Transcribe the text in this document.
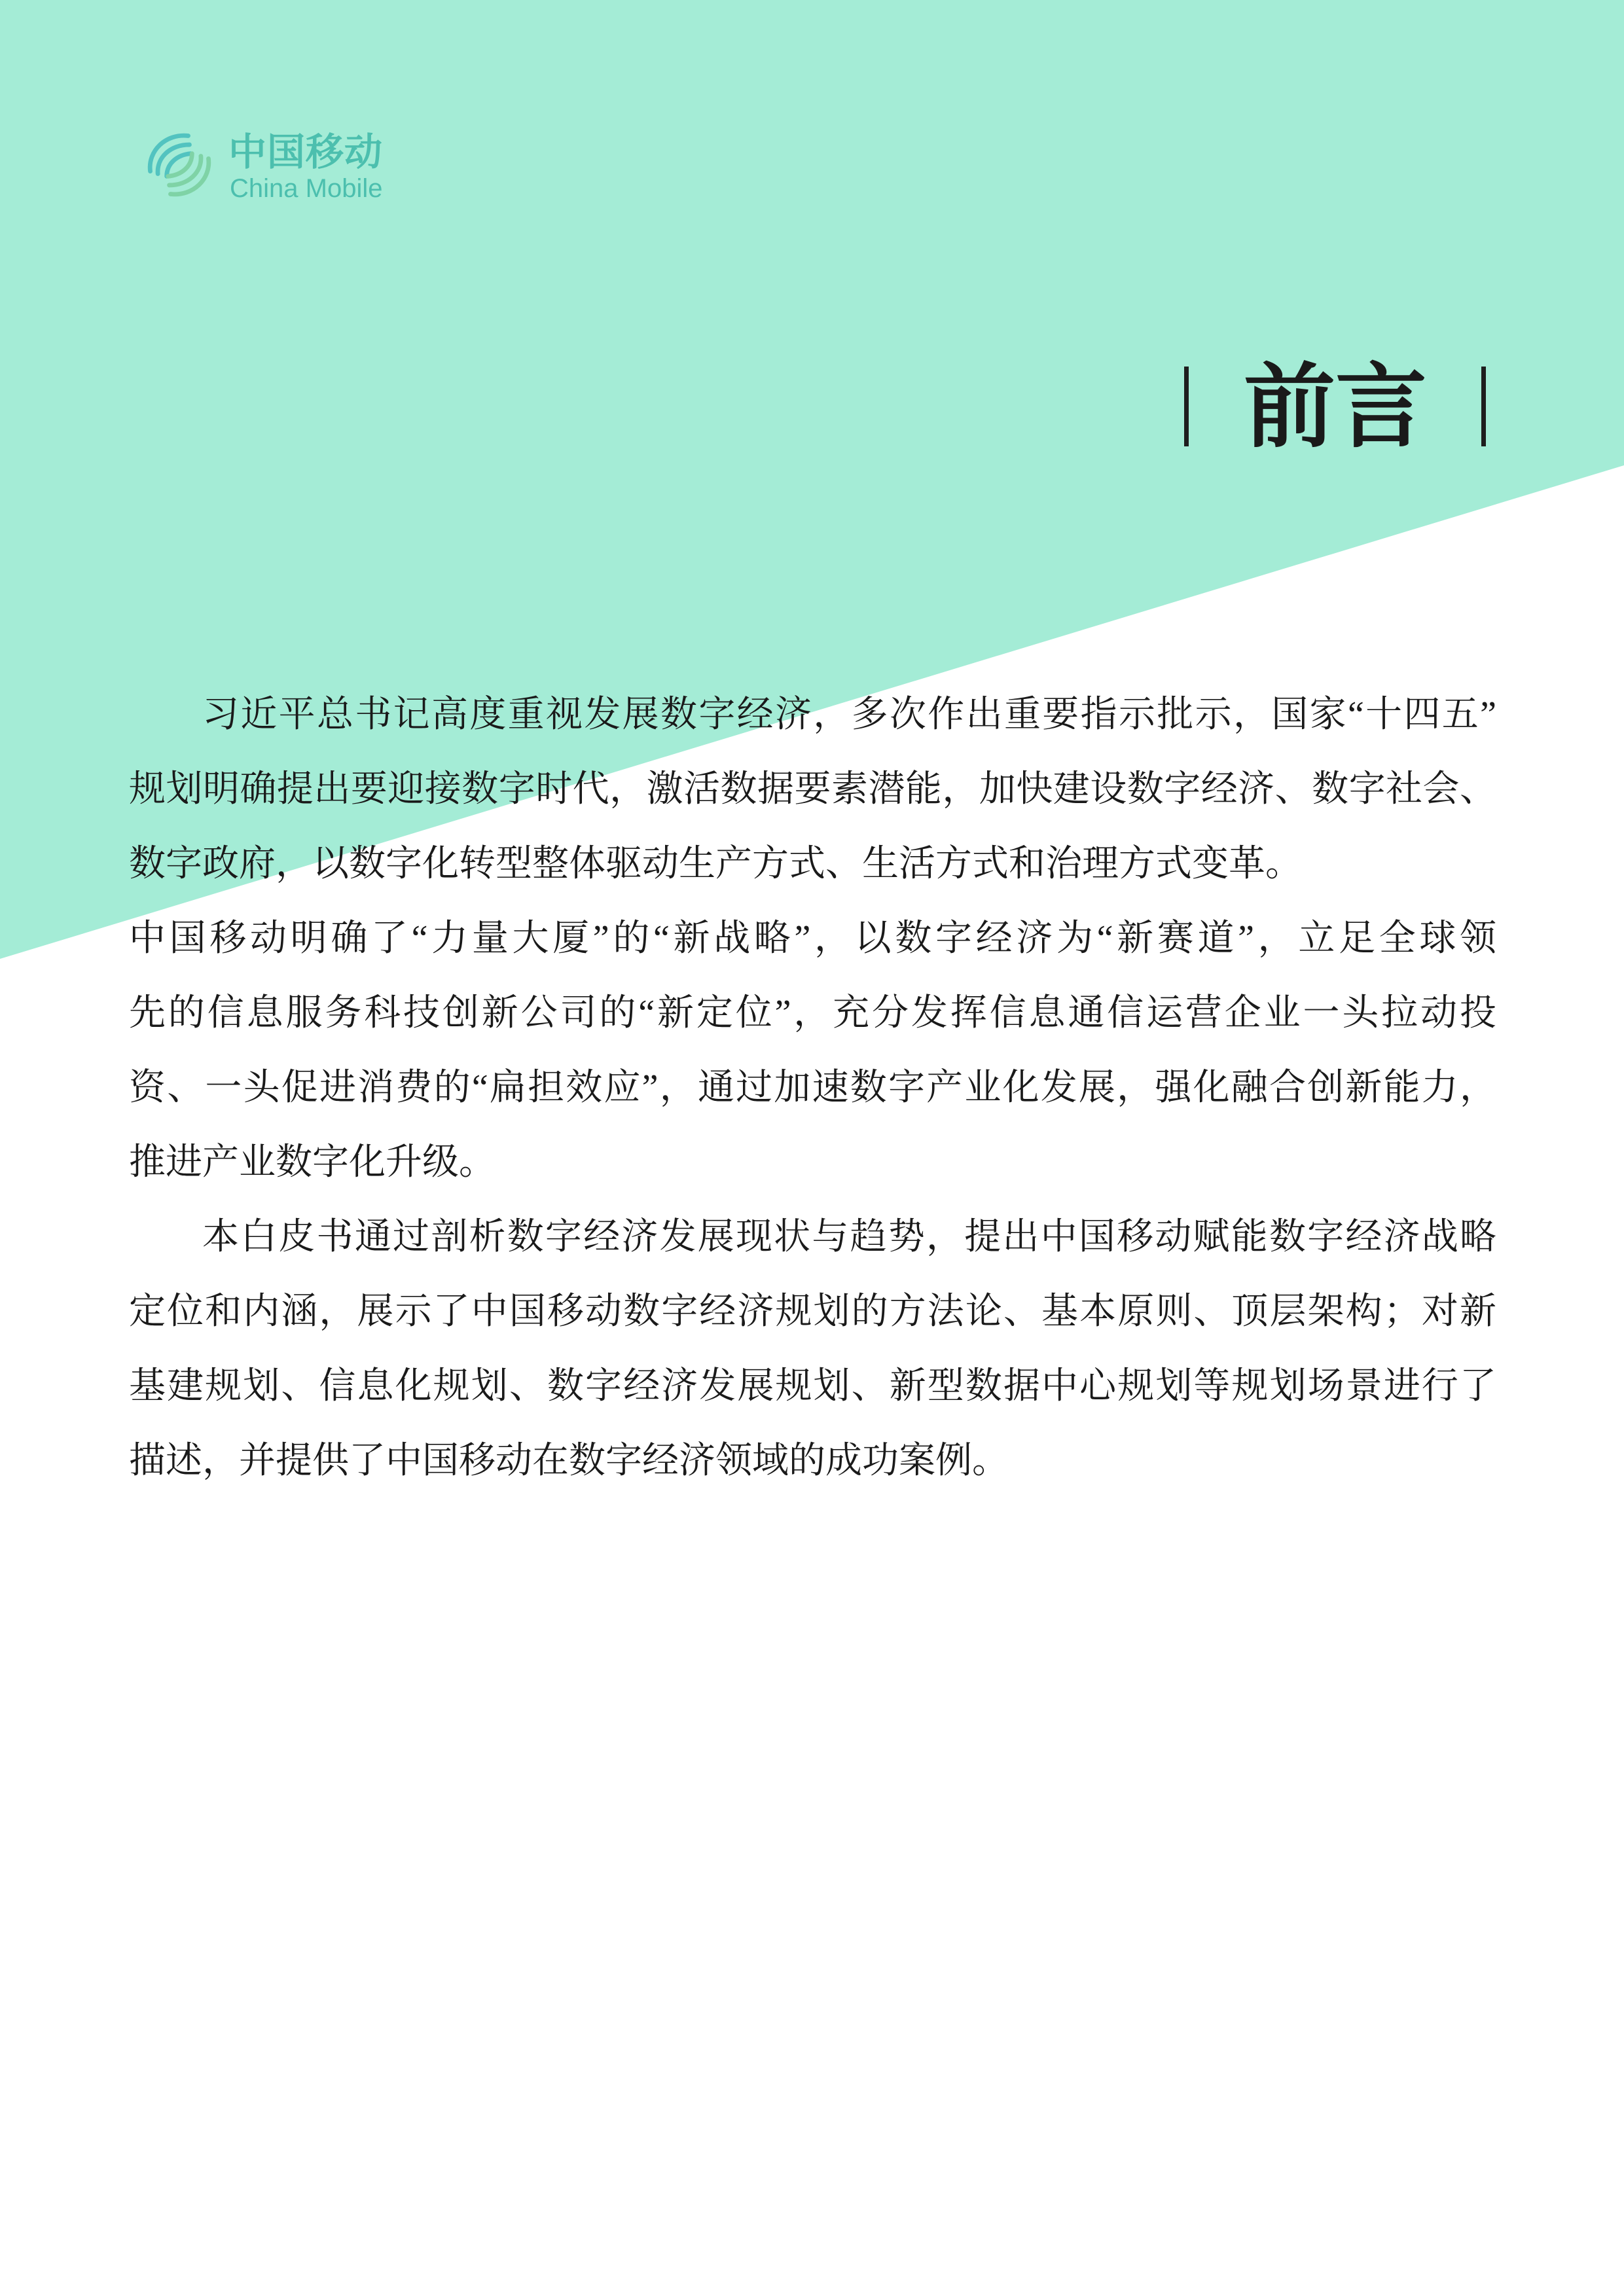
中国移动
China Mobile
前言
习近平总书记高度重视发展数字经济，多次作出重要指示批示，国家“十四五”
规划明确提出要迎接数字时代，激活数据要素潜能，加快建设数字经济、数字社会、
数字政府，以数字化转型整体驱动生产方式、生活方式和治理方式变革。
中国移动明确了“力量大厦”的“新战略”，以数字经济为“新赛道”，立足全球领
先的信息服务科技创新公司的“新定位”，充分发挥信息通信运营企业一头拉动投
资、一头促进消费的“扁担效应”，通过加速数字产业化发展，强化融合创新能力，
推进产业数字化升级。
本白皮书通过剖析数字经济发展现状与趋势，提出中国移动赋能数字经济战略
定位和内涵，展示了中国移动数字经济规划的方法论、基本原则、顶层架构；对新
基建规划、信息化规划、数字经济发展规划、新型数据中心规划等规划场景进行了
描述，并提供了中国移动在数字经济领域的成功案例。
